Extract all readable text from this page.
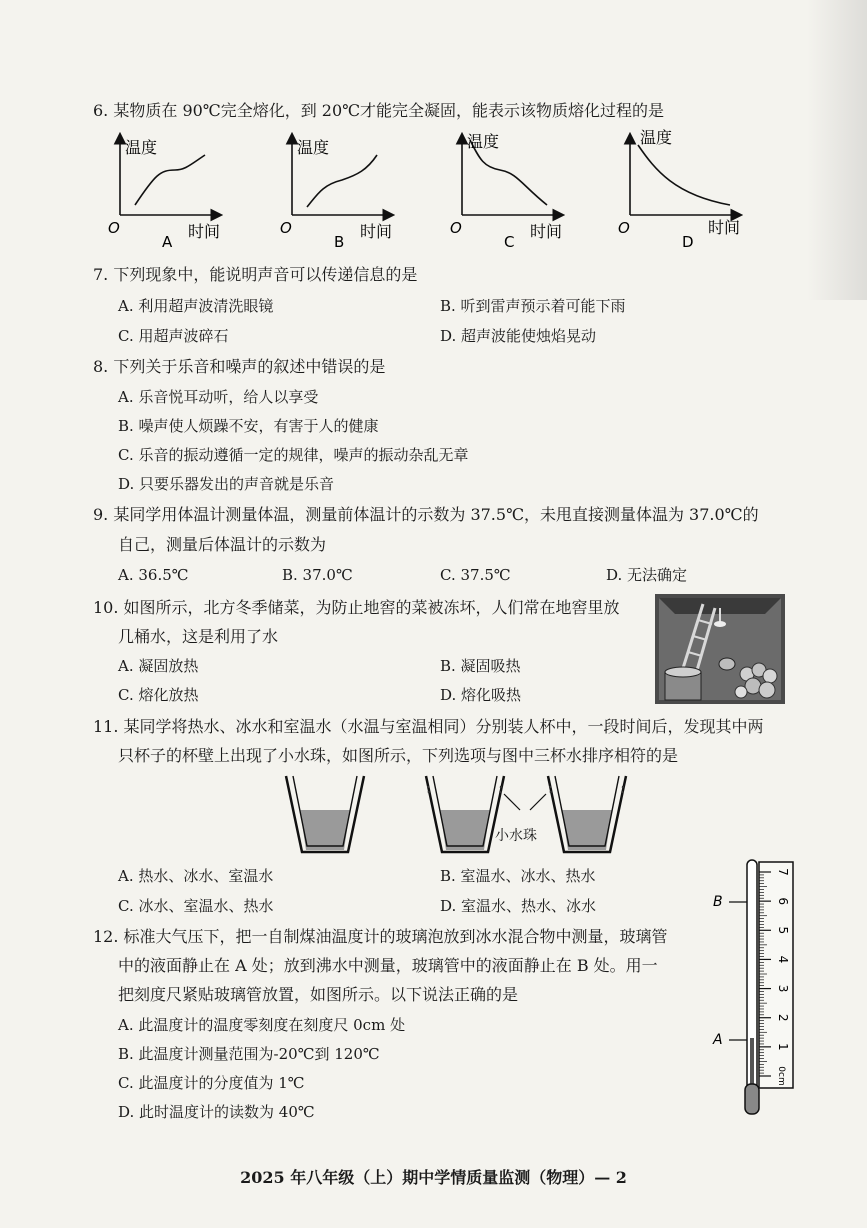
6. 某物质在 90℃完全熔化，到 20℃才能完全凝固，能表示该物质熔化过程的是
温度
O	时间
A
温度
O	时间
B
温度
O	时间
C
温度
O	时间
D
7. 下列现象中，能说明声音可以传递信息的是
A. 利用超声波清洗眼镜	B. 听到雷声预示着可能下雨
C. 用超声波碎石	D. 超声波能使烛焰晃动
8. 下列关于乐音和噪声的叙述中错误的是
A. 乐音悦耳动听，给人以享受
B. 噪声使人烦躁不安，有害于人的健康
C. 乐音的振动遵循一定的规律，噪声的振动杂乱无章
D. 只要乐器发出的声音就是乐音
9. 某同学用体温计测量体温，测量前体温计的示数为 37.5℃，未甩直接测量体温为 37.0℃的
自己，测量后体温计的示数为
A. 36.5℃	B. 37.0℃	C. 37.5℃	D. 无法确定
10. 如图所示，北方冬季储菜，为防止地窖的菜被冻坏，人们常在地窖里放
几桶水，这是利用了水
A. 凝固放热	B. 凝固吸热
C. 熔化放热	D. 熔化吸热
11. 某同学将热水、冰水和室温水（水温与室温相同）分别装人杯中，一段时间后，发现其中两
只杯子的杯壁上出现了小水珠，如图所示，下列选项与图中三杯水排序相符的是
小水珠
A. 热水、冰水、室温水	B. 室温水、冰水、热水
C. 冰水、室温水、热水	D. 室温水、热水、冰水
12. 标准大气压下，把一自制煤油温度计的玻璃泡放到冰水混合物中测量，玻璃管
中的液面静止在 A 处；放到沸水中测量，玻璃管中的液面静止在 B 处。用一
把刻度尺紧贴玻璃管放置，如图所示。以下说法正确的是
A. 此温度计的温度零刻度在刻度尺 0cm 处
B. 此温度计测量范围为-20℃到 120℃
C. 此温度计的分度值为 1℃
D. 此时温度计的读数为 40℃
0cm
1
2
3
4
5
6
7
B
A
2025 年八年级（上）期中学情质量监测（物理）— 2
